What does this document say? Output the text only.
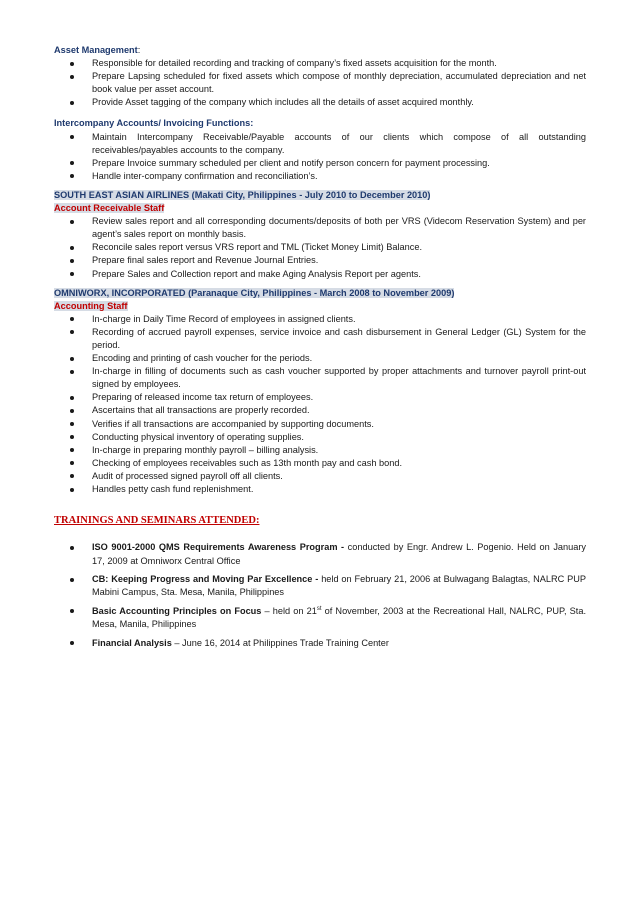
Asset Management:

Responsible for detailed recording and tracking of company’s fixed assets acquisition for the month.
Prepare Lapsing scheduled for fixed assets which compose of monthly depreciation, accumulated depreciation and net book value per asset account.
Provide Asset tagging of the company which includes all the details of asset acquired monthly.

Intercompany Accounts/ Invoicing Functions:

Maintain Intercompany Receivable/Payable accounts of our clients which compose of all outstanding receivables/payables accounts to the company.
Prepare Invoice summary scheduled per client and notify person concern for payment processing.
Handle inter-company confirmation and reconciliation’s.
SOUTH EAST ASIAN AIRLINES (Makati City, Philippines - July 2010 to December 2010)
Account Receivable Staff
Review sales report and all corresponding documents/deposits of both per VRS (Videcom Reservation System) and per agent’s sales report on monthly basis.
Reconcile sales report versus VRS report and TML (Ticket Money Limit) Balance.
Prepare final sales report and Revenue Journal Entries.
Prepare Sales and Collection report and make Aging Analysis Report per agents.
OMNIWORX, INCORPORATED (Paranaque City, Philippines - March 2008 to November 2009)
Accounting Staff
In-charge in Daily Time Record of employees in assigned clients.
Recording of accrued payroll expenses, service invoice and cash disbursement in General Ledger (GL) System for the period.
Encoding and printing of cash voucher for the periods.
In-charge in filling of documents such as cash voucher supported by proper attachments and turnover payroll print-out signed by employees.
Preparing of released income tax return of employees.
Ascertains that all transactions are properly recorded.
Verifies if all transactions are accompanied by supporting documents.
Conducting physical inventory of operating supplies.
In-charge in preparing monthly payroll – billing analysis.
Checking of employees receivables such as 13th month pay and cash bond.
Audit of processed signed payroll off all clients.
Handles petty cash fund replenishment.
TRAININGS AND SEMINARS ATTENDED:
ISO 9001-2000 QMS Requirements Awareness Program - conducted by Engr. Andrew L. Pogenio. Held on January 17, 2009 at Omniworx Central Office
CB: Keeping Progress and Moving Par Excellence - held on February 21, 2006 at Bulwagang Balagtas, NALRC PUP Mabini Campus, Sta. Mesa, Manila, Philippines
Basic Accounting Principles on Focus – held on 21st of November, 2003 at the Recreational Hall, NALRC, PUP, Sta. Mesa, Manila, Philippines
Financial Analysis – June 16, 2014 at Philippines Trade Training Center
